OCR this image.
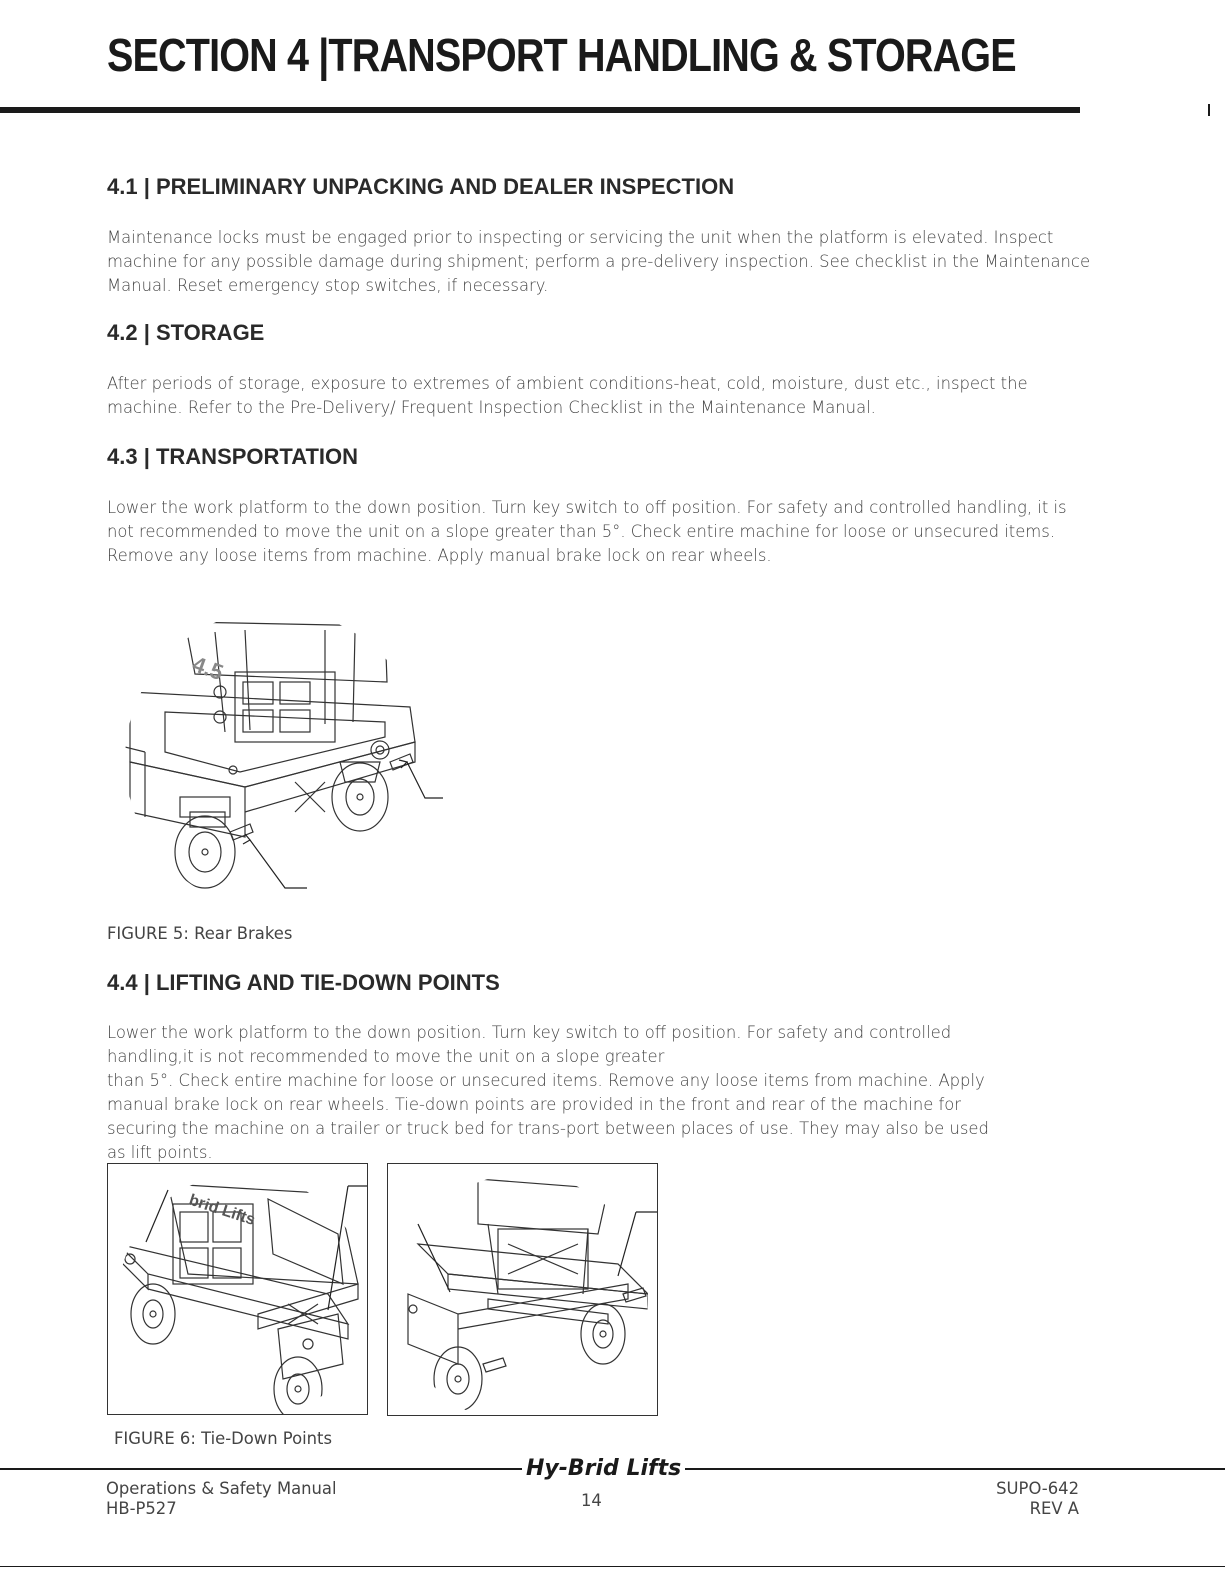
SECTION 4 |TRANSPORT HANDLING & STORAGE
4.1 | PRELIMINARY UNPACKING AND DEALER INSPECTION

Maintenance locks must be engaged prior to inspecting or servicing the unit when the platform is elevated. Inspect machine for any possible damage during shipment; perform a pre-delivery inspection. See checklist in the Maintenance Manual. Reset emergency stop switches, if necessary.

4.2 | STORAGE

After periods of storage, exposure to extremes of ambient conditions-heat, cold, moisture, dust etc., inspect the machine. Refer to the Pre-Delivery/ Frequent Inspection Checklist in the Maintenance Manual.

4.3 | TRANSPORTATION

Lower the work platform to the down position. Turn key switch to off position. For safety and controlled handling, it is not recommended to move the unit on a slope greater than 5°. Check entire machine for loose or unsecured items. Remove any loose items from machine. Apply manual brake lock on rear wheels.

4.5

FIGURE 5: Rear Brakes

4.4 | LIFTING AND TIE-DOWN POINTS

Lower the work platform to the down position. Turn key switch to off position. For safety and controlled
handling,it is not recommended to move the unit on a slope greater
than 5°. Check entire machine for loose or unsecured items. Remove any loose items from machine. Apply
manual brake lock on rear wheels. Tie-down points are provided in the front and rear of the machine for
securing the machine on a trailer or truck bed for trans-port between places of use. They may also be used
as lift points.

brid Lifts

FIGURE 6: Tie-Down Points

Hy-Brid Lifts
Operations & Safety Manual
HB-P527	14
SUPO-642
REV A
